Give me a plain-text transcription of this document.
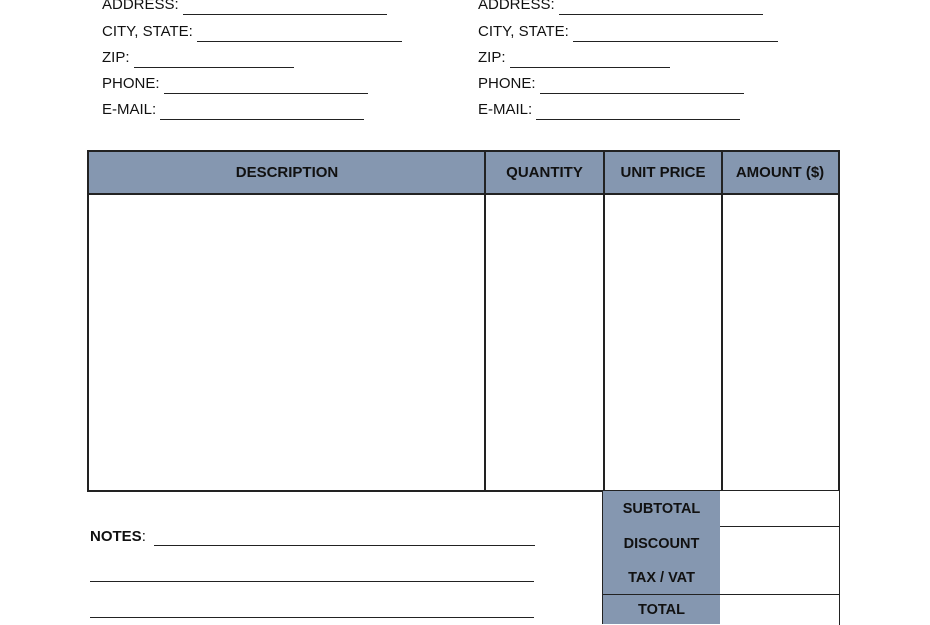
ADDRESS:
CITY, STATE:
ZIP:
PHONE:
E-MAIL:
ADDRESS:
CITY, STATE:
ZIP:
PHONE:
E-MAIL:
DESCRIPTION	QUANTITY	UNIT PRICE AMOUNT ($)
SUBTOTAL
DISCOUNT
TAX / VAT
TOTAL
NOTES:
